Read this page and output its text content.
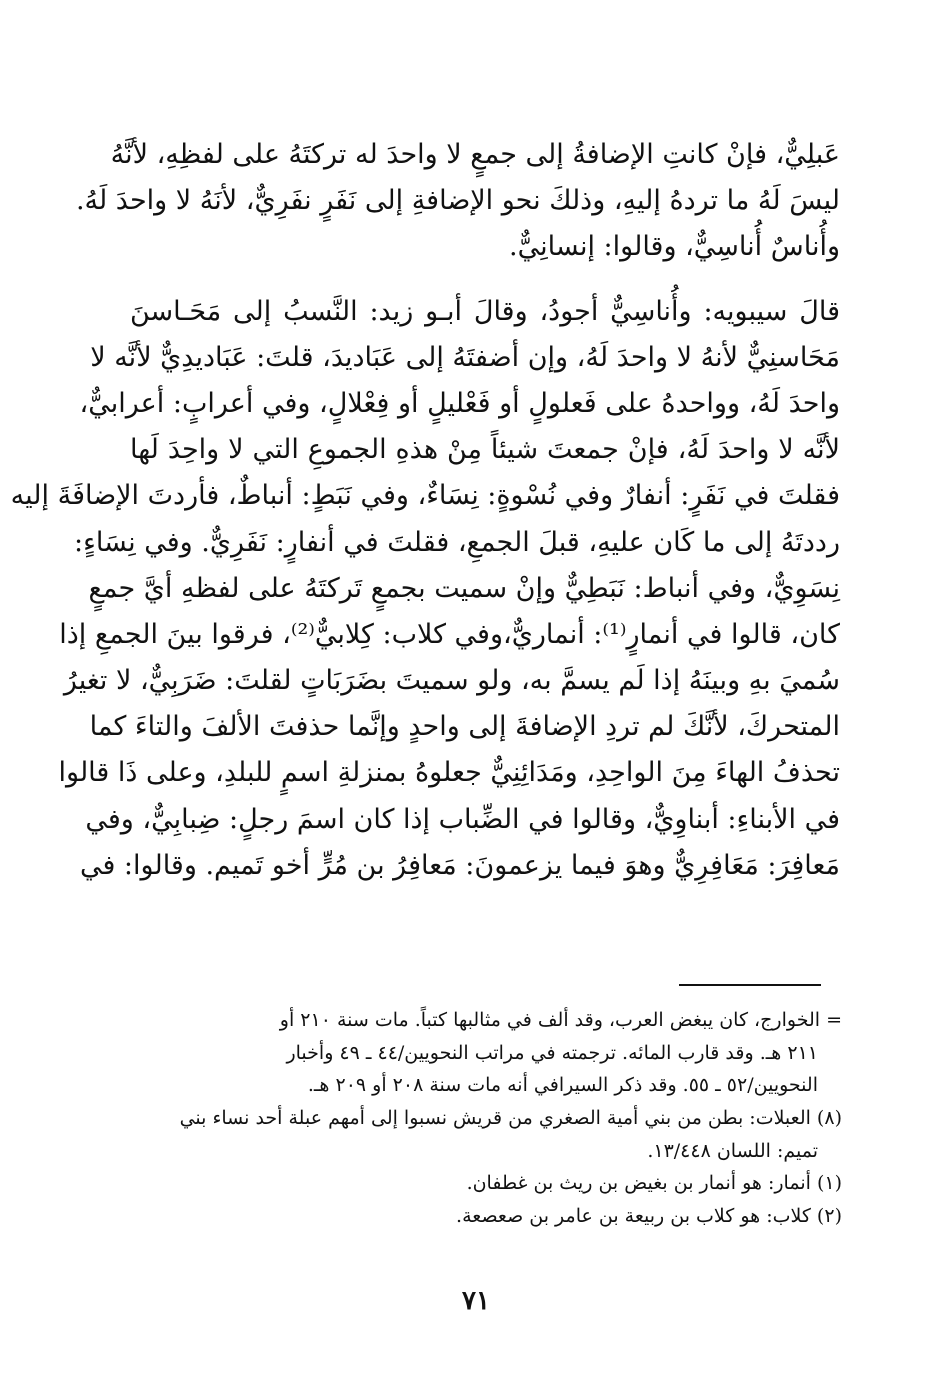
عَبلِيٌّ، فإنْ كانتِ الإضافةُ إلى جمعٍ لا واحدَ له تركتَهُ على لفظِهِ، لأنَّهُ
ليسَ لَهُ ما تردهُ إليهِ، وذلكَ نحو الإضافةِ إلى نَفَرٍ نفَرِيٌّ، لأنَهُ لا واحدَ لَهُ.
وأُناسٌ أُناسِيٌّ، وقالوا: إنسانِيٌّ.
قالَ سيبويه: وأُناسِيٌّ أجودُ، وقالَ أبـو زيد: النَّسبُ إلى مَحَـاسنَ
مَحَاسنِيٌّ لأنهُ لا واحدَ لَهُ، وإن أضفتَهُ إلى عَبَاديدَ، قلتَ: عَبَاديدِيٌّ لأنَّه لا
واحدَ لَهُ، وواحدهُ على فَعلولٍ أو فَعْليلٍ أو فِعْلالٍ، وفي أعرابٍ: أعرابيٌّ،
لأنَّه لا واحدَ لَهُ، فإنْ جمعتَ شيئاً مِنْ هذهِ الجموعِ التي لا واحِدَ لَها
فقلتَ في نَفَرٍ: أنفارٌ وفي نُسْوةٍ: نِسَاءٌ، وفي نَبَطٍ: أنباطٌ، فأردتَ الإضافَةَ إليه
رددتَهُ إلى ما كَان عليهِ، قبلَ الجمعِ، فقلتَ في أنفارٍ: نَفَرِيٌّ. وفي نِسَاءٍ:
نِسَوِيٌّ، وفي أنباط: نَبَطِيٌّ وإنْ سميت بجمعٍ تَركتَهُ على لفظهِ أيَّ جمعٍ
كان، قالوا في أنمارٍ⁽¹⁾: أنماريٌّ،وفي كلاب: كِلابيٌّ⁽²⁾، فرقوا بينَ الجمعِ إذا
سُميَ بهِ وبينَهُ إذا لَم يسمَّ به، ولو سميتَ بضَرَبَاتٍ لقلتَ: ضَرَبِيٌّ، لا تغيرُ
المتحركَ، لأنَّكَ لم تردِ الإضافةَ إلى واحدٍ وإنَّما حذفتَ الألفَ والتاءَ كما
تحذفُ الهاءَ مِنَ الواحِدِ، ومَدَائِنِيٌّ جعلوهُ بمنزلةِ اسمٍ للبلدِ، وعلى ذَا قالوا
في الأبناءِ: أبناوِيٌّ، وقالوا في الضِّباب إذا كان اسمَ رجلٍ: ضِبابِيٌّ، وفي
مَعافِرَ: مَعَافِرِيٌّ وهوَ فيما يزعمونَ: مَعافِرُ بن مُرٍّ أخو تَميم. وقالوا: في
= الخوارج، كان يبغض العرب، وقد ألف في مثالبها كتباً. مات سنة ٢١٠ أو
٢١١ هـ. وقد قارب المائه. ترجمته في مراتب النحويين/٤٤ ـ ٤٩ وأخبار
النحويين/٥٢ ـ ٥٥. وقد ذكر السيرافي أنه مات سنة ٢٠٨ أو ٢٠٩ هـ.
(٨) العبلات: بطن من بني أمية الصغري من قريش نسبوا إلى أمهم عبلة أحد نساء بني
تميم: اللسان ١٣/٤٤٨.
(١) أنمار: هو أنمار بن بغيض بن ريث بن غطفان.
(٢) كلاب: هو كلاب بن ربيعة بن عامر بن صعصعة.
٧١
